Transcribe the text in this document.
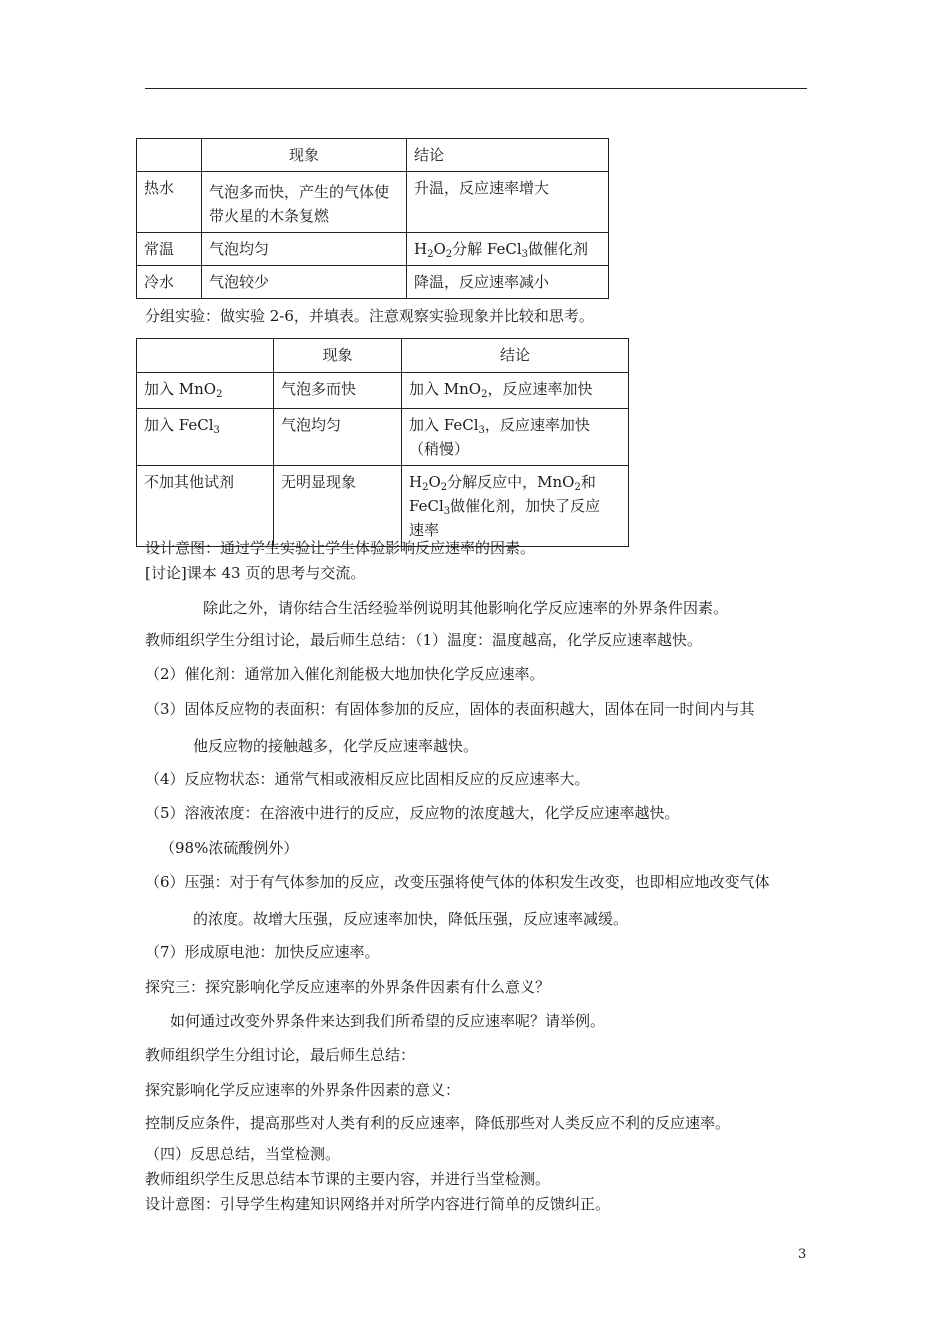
	现象	结论
热水	气泡多而快，产生的气体使带火星的木条复燃	升温，反应速率增大
常温	气泡均匀	$H_2O_2$分解 FeCl$_3$做催化剂
冷水	气泡较少	降温，反应速率减小
分组实验：做实验 2-6，并填表。注意观察实验现象并比较和思考。
	现象	结论
加入 MnO$_2$	气泡多而快	加入 MnO$_2$，反应速率加快
加入 FeCl$_3$	气泡均匀	加入 FeCl$_3$，反应速率加快
（稍慢）
不加其他试剂	无明显现象	$H_2O_2$分解反应中，MnO$_2$和
FeCl$_3$做催化剂，加快了反应
速率
设计意图：通过学生实验让学生体验影响反应速率的因素。
[讨论]课本 43 页的思考与交流。
除此之外，请你结合生活经验举例说明其他影响化学反应速率的外界条件因素。
教师组织学生分组讨论，最后师生总结：（1）温度：温度越高，化学反应速率越快。
（2）催化剂：通常加入催化剂能极大地加快化学反应速率。
（3）固体反应物的表面积：有固体参加的反应，固体的表面积越大，固体在同一时间内与其
他反应物的接触越多，化学反应速率越快。
（4）反应物状态：通常气相或液相反应比固相反应的反应速率大。
（5）溶液浓度：在溶液中进行的反应，反应物的浓度越大，化学反应速率越快。
（98%浓硫酸例外）
（6）压强：对于有气体参加的反应，改变压强将使气体的体积发生改变，也即相应地改变气体
的浓度。故增大压强，反应速率加快，降低压强，反应速率减缓。
（7）形成原电池：加快反应速率。
探究三：探究影响化学反应速率的外界条件因素有什么意义？
如何通过改变外界条件来达到我们所希望的反应速率呢？请举例。
教师组织学生分组讨论，最后师生总结：
探究影响化学反应速率的外界条件因素的意义：
控制反应条件，提高那些对人类有利的反应速率，降低那些对人类反应不利的反应速率。
（四）反思总结，当堂检测。
教师组织学生反思总结本节课的主要内容，并进行当堂检测。
设计意图：引导学生构建知识网络并对所学内容进行简单的反馈纠正。
3
